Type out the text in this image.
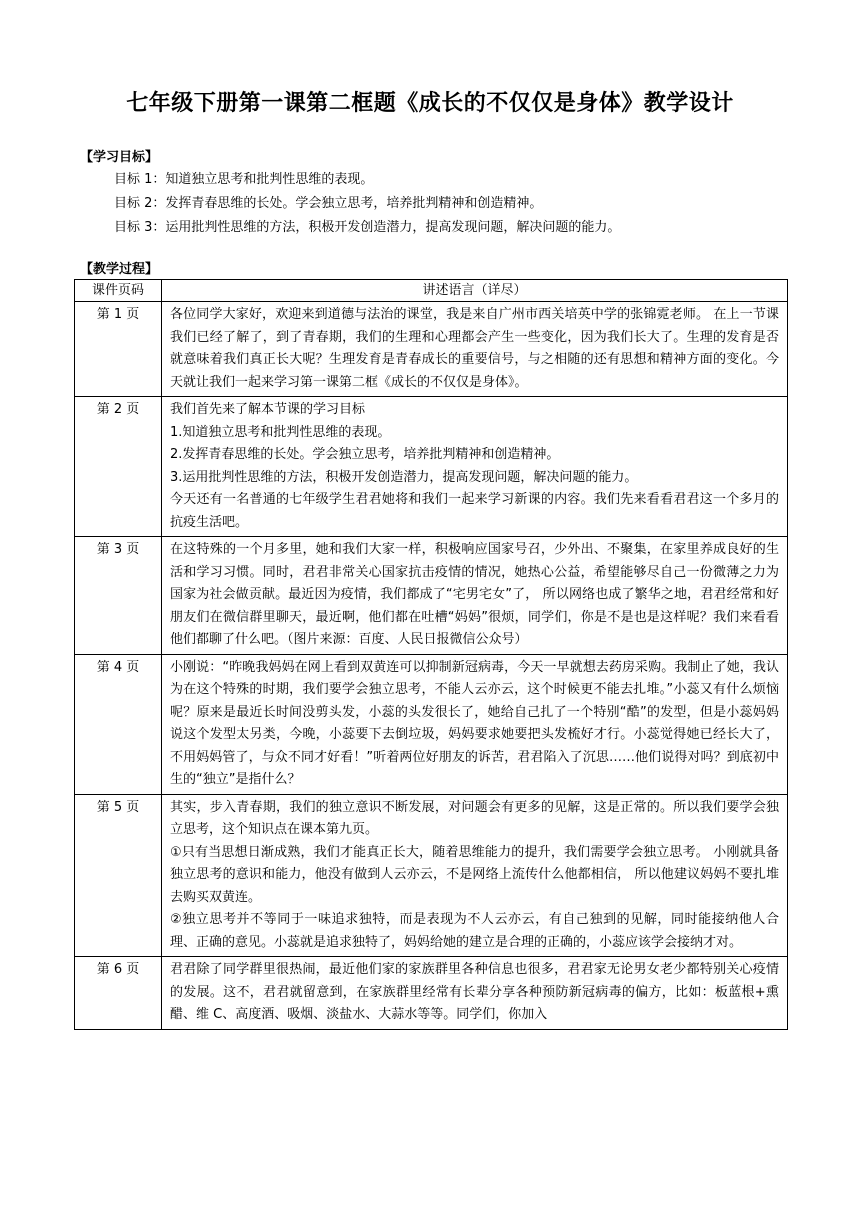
七年级下册第一课第二框题《成长的不仅仅是身体》教学设计
【学习目标】
目标 1：知道独立思考和批判性思维的表现。
目标 2：发挥青春思维的长处。学会独立思考，培养批判精神和创造精神。
目标 3：运用批判性思维的方法，积极开发创造潜力，提高发现问题，解决问题的能力。
【教学过程】
课件页码	讲述语言（详尽）
第 1 页	各位同学大家好，欢迎来到道德与法治的课堂，我是来自广州市西关培英中学的张锦霓老师。 在上一节课我们已经了解了，到了青春期，我们的生理和心理都会产生一些变化，因为我们长大了。生理的发育是否就意味着我们真正长大呢？生理发育是青春成长的重要信号，与之相随的还有思想和精神方面的变化。今天就让我们一起来学习第一课第二框《成长的不仅仅是身体》。

第 2 页	我们首先来了解本节课的学习目标

1.知道独立思考和批判性思维的表现。

2.发挥青春思维的长处。学会独立思考，培养批判精神和创造精神。

3.运用批判性思维的方法，积极开发创造潜力，提高发现问题，解决问题的能力。

今天还有一名普通的七年级学生君君她将和我们一起来学习新课的内容。我们先来看看君君这一个多月的抗疫生活吧。

第 3 页	在这特殊的一个月多里，她和我们大家一样，积极响应国家号召，少外出、不聚集，在家里养成良好的生活和学习习惯。同时，君君非常关心国家抗击疫情的情况，她热心公益，希望能够尽自己一份微薄之力为国家为社会做贡献。最近因为疫情，我们都成了“宅男宅女”了， 所以网络也成了繁华之地，君君经常和好朋友们在微信群里聊天，最近啊，他们都在吐槽“妈妈”很烦，同学们，你是不是也是这样呢？我们来看看他们都聊了什么吧。（图片来源：百度、人民日报微信公众号）

第 4 页	小刚说：“昨晚我妈妈在网上看到双黄连可以抑制新冠病毒，今天一早就想去药房采购。我制止了她，我认为在这个特殊的时期，我们要学会独立思考，不能人云亦云，这个时候更不能去扎堆。”小蕊又有什么烦恼呢？原来是最近长时间没剪头发，小蕊的头发很长了，她给自己扎了一个特别“酷”的发型，但是小蕊妈妈说这个发型太另类，今晚，小蕊要下去倒垃圾，妈妈要求她要把头发梳好才行。小蕊觉得她已经长大了，不用妈妈管了，与众不同才好看！”听着两位好朋友的诉苦，君君陷入了沉思……他们说得对吗？到底初中生的“独立”是指什么？

第 5 页	其实，步入青春期，我们的独立意识不断发展，对问题会有更多的见解，这是正常的。所以我们要学会独立思考，这个知识点在课本第九页。

①只有当思想日渐成熟，我们才能真正长大，随着思维能力的提升，我们需要学会独立思考。 小刚就具备独立思考的意识和能力，他没有做到人云亦云，不是网络上流传什么他都相信， 所以他建议妈妈不要扎堆去购买双黄连。

②独立思考并不等同于一味追求独特，而是表现为不人云亦云，有自己独到的见解，同时能接纳他人合理、正确的意见。小蕊就是追求独特了，妈妈给她的建立是合理的正确的，小蕊应该学会接纳才对。

第 6 页	君君除了同学群里很热闹，最近他们家的家族群里各种信息也很多，君君家无论男女老少都特别关心疫情的发展。这不，君君就留意到，在家族群里经常有长辈分享各种预防新冠病毒的偏方，比如：板蓝根+熏醋、维 C、高度酒、吸烟、淡盐水、大蒜水等等。同学们，你加入
